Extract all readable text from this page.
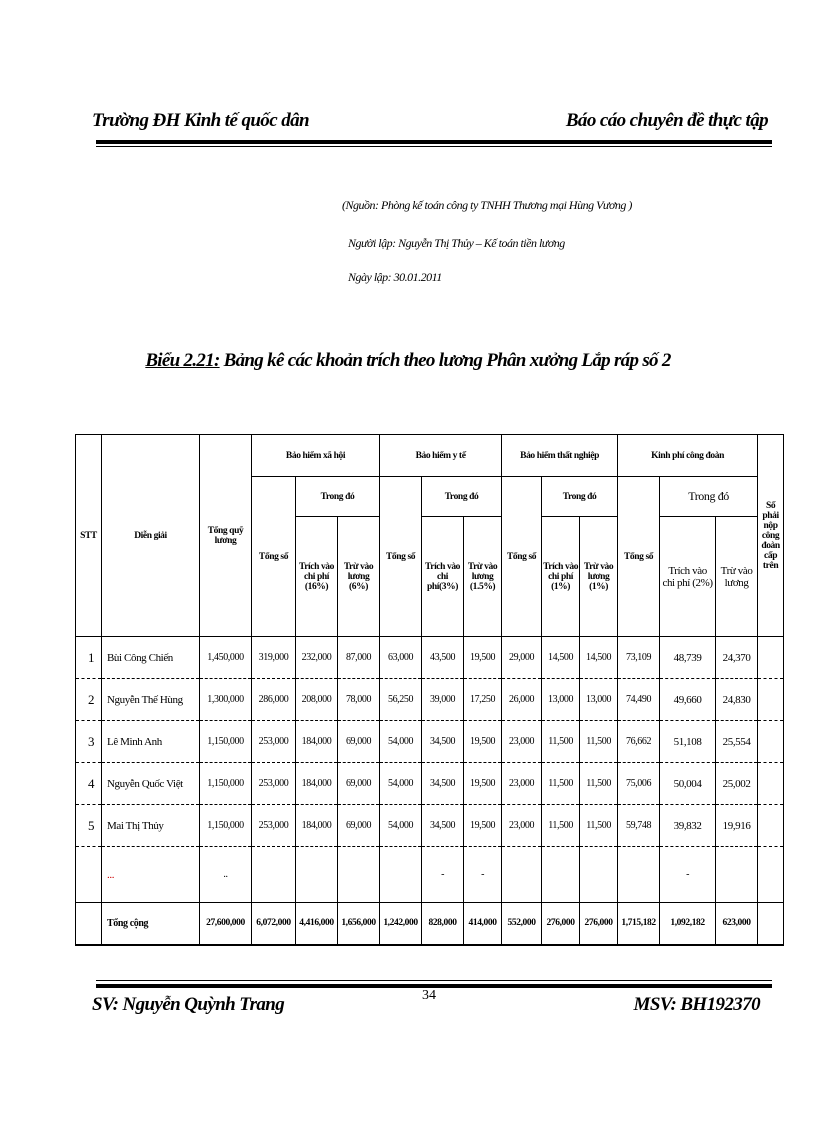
Trường ĐH Kinh tế quốc dân	Báo cáo chuyên đề thực tập
(Nguồn: Phòng kế toán công ty TNHH Thương mại Hùng Vương )
Người lập: Nguyễn Thị Thủy – Kế toán tiền lương
Ngày lập: 30.01.2011
Biểu 2.21: Bảng kê các khoản trích theo lương Phân xưởng Lắp ráp số 2
STT	Diễn giải	Tổng quỹ lương	Bảo hiểm xã hội			Bảo hiểm y tế			Bảo hiểm thất nghiệp			Kinh phí công đoàn			Số phải nộp công đoàn cấp trên
			Tổng số	Trong đó		Tổng số	Trong đó		Tổng số	Trong đó		Tổng số	Trong đó		
				Trích vào chi phí (16%)	Trừ vào lương (6%)		Trích vào chi phí(3%)	Trừ vào lương (1.5%)		Trích vào chi phí (1%)	Trừ vào lương (1%)		Trích vào chi phí (2%)	Trừ vào lương	
1	Bùi Công Chiến	1,450,000	319,000	232,000	87,000	63,000	43,500	19,500	29,000	14,500	14,500	73,109	48,739	24,370	
2	Nguyễn Thế Hùng	1,300,000	286,000	208,000	78,000	56,250	39,000	17,250	26,000	13,000	13,000	74,490	49,660	24,830	
3	Lê Minh Anh	1,150,000	253,000	184,000	69,000	54,000	34,500	19,500	23,000	11,500	11,500	76,662	51,108	25,554	
4	Nguyễn Quốc Việt	1,150,000	253,000	184,000	69,000	54,000	34,500	19,500	23,000	11,500	11,500	75,006	50,004	25,002	
5	Mai Thị Thủy	1,150,000	253,000	184,000	69,000	54,000	34,500	19,500	23,000	11,500	11,500	59,748	39,832	19,916	
	...	..					-	-					-		
	Tổng cộng	27,600,000	6,072,000	4,416,000	1,656,000	1,242,000	828,000	414,000	552,000	276,000	276,000	1,715,182	1,092,182	623,000	
SV: Nguyễn Quỳnh Trang	34	MSV: BH192370
